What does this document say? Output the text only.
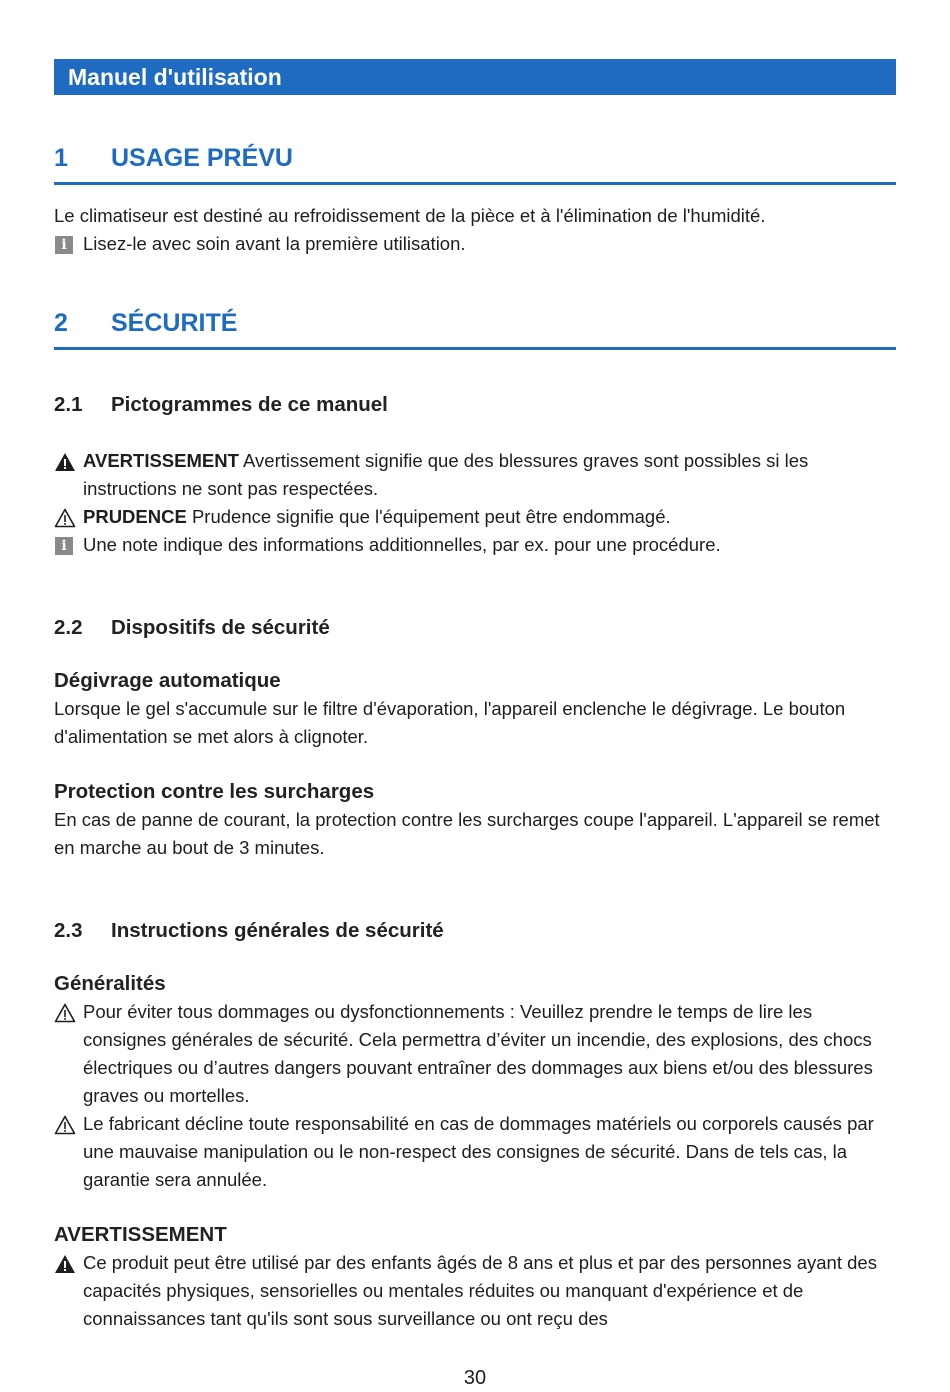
Manuel d'utilisation
1	USAGE PRÉVU

Le climatiseur est destiné au refroidissement de la pièce et à l'élimination de l'humidité.

i Lisez-le avec soin avant la première utilisation.
2	SÉCURITÉ
2.1	Pictogrammes de ce manuel
AVERTISSEMENT Avertissement signifie que des blessures graves sont possibles si les instructions ne sont pas respectées.
PRUDENCE Prudence signifie que l'équipement peut être endommagé.
i Une note indique des informations additionnelles, par ex. pour une procédure.
2.2	Dispositifs de sécurité
Dégivrage automatique

Lorsque le gel s'accumule sur le filtre d'évaporation, l'appareil enclenche le dégivrage. Le bouton d'alimentation se met alors à clignoter.

Protection contre les surcharges

En cas de panne de courant, la protection contre les surcharges coupe l'appareil. L'appareil se remet en marche au bout de 3 minutes.

2.3	Instructions générales de sécurité
Généralités
Pour éviter tous dommages ou dysfonctionnements : Veuillez prendre le temps de lire les consignes générales de sécurité. Cela permettra d’éviter un incendie, des explosions, des chocs électriques ou d’autres dangers pouvant entraîner des dommages aux biens et/ou des blessures graves ou mortelles.
Le fabricant décline toute responsabilité en cas de dommages matériels ou corporels causés par une mauvaise manipulation ou le non-respect des consignes de sécurité. Dans de tels cas, la garantie sera annulée.
AVERTISSEMENT
Ce produit peut être utilisé par des enfants âgés de 8 ans et plus et par des personnes ayant des capacités physiques, sensorielles ou mentales réduites ou manquant d'expérience et de connaissances tant qu'ils sont sous surveillance ou ont reçu des
30
